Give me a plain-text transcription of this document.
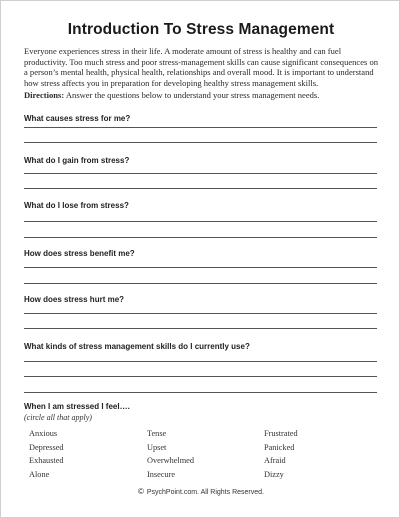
Introduction To Stress Management

Everyone experiences stress in their life. A moderate amount of stress is healthy and can fuel productivity. Too much stress and poor stress-management skills can cause significant consequences on a person’s mental health, physical health, relationships and overall mood. It is important to understand how stress affects you in preparation for developing healthy stress management skills.

Directions: Answer the questions below to understand your stress management needs.
What causes stress for me?
What do I gain from stress?
What do I lose from stress?
How does stress benefit me?
How does stress hurt me?
What kinds of stress management skills do I currently use?
When I am stressed I feel….
(circle all that apply)
Anxious
Depressed
Exhausted
Alone
Tense
Upset
Overwhelmed
Insecure
Frustrated
Panicked
Afraid
Dizzy
© PsychPoint.com. All Rights Reserved.
